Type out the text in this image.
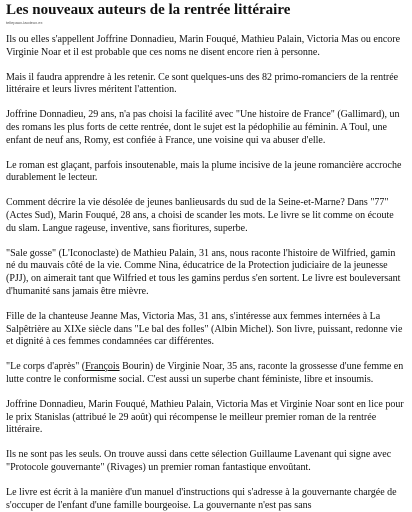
Les nouveaux auteurs de la rentrée littéraire
tellepaux-lacdeux.ex

Ils ou elles s'appellent Joffrine Donnadieu, Marin Fouqué, Mathieu Palain, Victoria Mas ou encore Virginie Noar et il est probable que ces noms ne disent encore rien à personne.

Mais il faudra apprendre à les retenir. Ce sont quelques-uns des 82 primo-romanciers de la rentrée littéraire et leurs livres méritent l'attention.

Joffrine Donnadieu, 29 ans, n'a pas choisi la facilité avec "Une histoire de France" (Gallimard), un des romans les plus forts de cette rentrée, dont le sujet est la pédophilie au féminin. A Toul, une enfant de neuf ans, Romy, est confiée à France, une voisine qui va abuser d'elle.

Le roman est glaçant, parfois insoutenable, mais la plume incisive de la jeune romancière accroche durablement le lecteur.

Comment décrire la vie désolée de jeunes banlieusards du sud de la Seine-et-Marne? Dans "77" (Actes Sud), Marin Fouqué, 28 ans, a choisi de scander les mots. Le livre se lit comme on écoute du slam. Langue rageuse, inventive, sans fioritures, superbe.

"Sale gosse" (L'Iconoclaste) de Mathieu Palain, 31 ans, nous raconte l'histoire de Wilfried, gamin né du mauvais côté de la vie. Comme Nina, éducatrice de la Protection judiciaire de la jeunesse (PJJ), on aimerait tant que Wilfried et tous les gamins perdus s'en sortent. Le livre est bouleversant d'humanité sans jamais être mièvre.

Fille de la chanteuse Jeanne Mas, Victoria Mas, 31 ans, s'intéresse aux femmes internées à La Salpêtrière au XIXe siècle dans "Le bal des folles" (Albin Michel). Son livre, puissant, redonne vie et dignité à ces femmes condamnées car différentes.

"Le corps d'après" (François Bourin) de Virginie Noar, 35 ans, raconte la grossesse d'une femme en lutte contre le conformisme social. C'est aussi un superbe chant féministe, libre et insoumis.

Joffrine Donnadieu, Marin Fouqué, Mathieu Palain, Victoria Mas et Virginie Noar sont en lice pour le prix Stanislas (attribué le 29 août) qui récompense le meilleur premier roman de la rentrée littéraire.

Ils ne sont pas les seuls. On trouve aussi dans cette sélection Guillaume Lavenant qui signe avec "Protocole gouvernante" (Rivages) un premier roman fantastique envoûtant.

Le livre est écrit à la manière d'un manuel d'instructions qui s'adresse à la gouvernante chargée de s'occuper de l'enfant d'une famille bourgeoise. La gouvernante n'est pas sans
